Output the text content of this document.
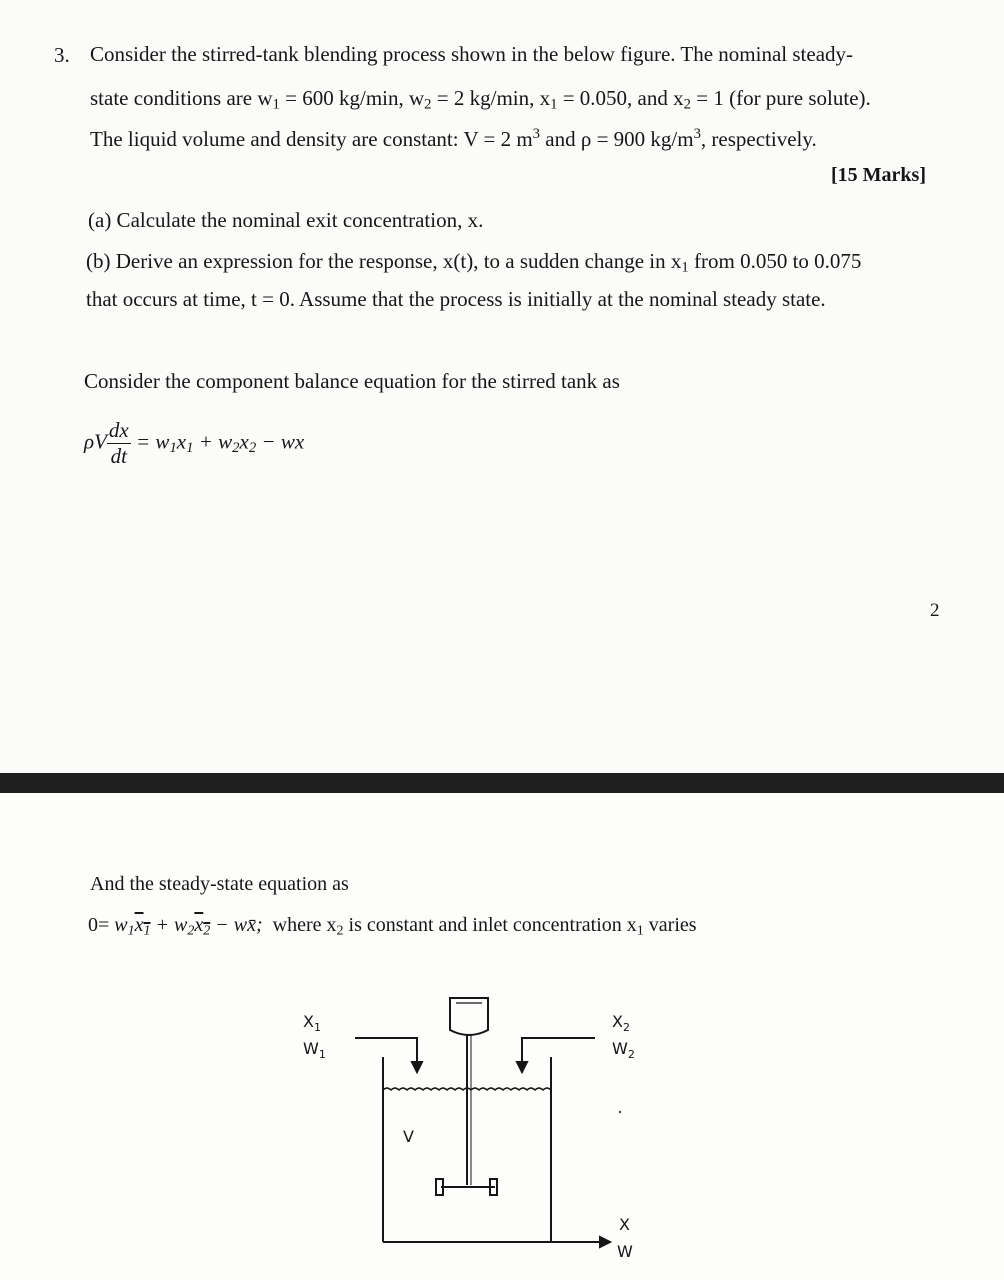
3. Consider the stirred-tank blending process shown in the below figure. The nominal steady-
state conditions are $w_1 = 600$ kg/min, $w_2 = 2$ kg/min, $x_1 = 0.050$, and $x_2 = 1$ (for pure solute).
The liquid volume and density are constant: V = 2 $m^3$ and ρ = 900 $kg/m^3$, respectively.
[15 Marks]
(a) Calculate the nominal exit concentration, x.
(b) Derive an expression for the response, x(t), to a sudden change in $x_1$ from 0.050 to 0.075
that occurs at time, t = 0. Assume that the process is initially at the nominal steady state.
Consider the component balance equation for the stirred tank as
ρV $\frac{dx}{dt} = w_1x_1 + w_2x_2$ − wx
2
And the steady-state equation as
$0= w_1x_1 + w_2x_2$ − wx̄; where $x_2$ is constant and inlet concentration $x_1$ varies
$X_1$
$W_1$
$X_2$
$W_2$
V
X
W
